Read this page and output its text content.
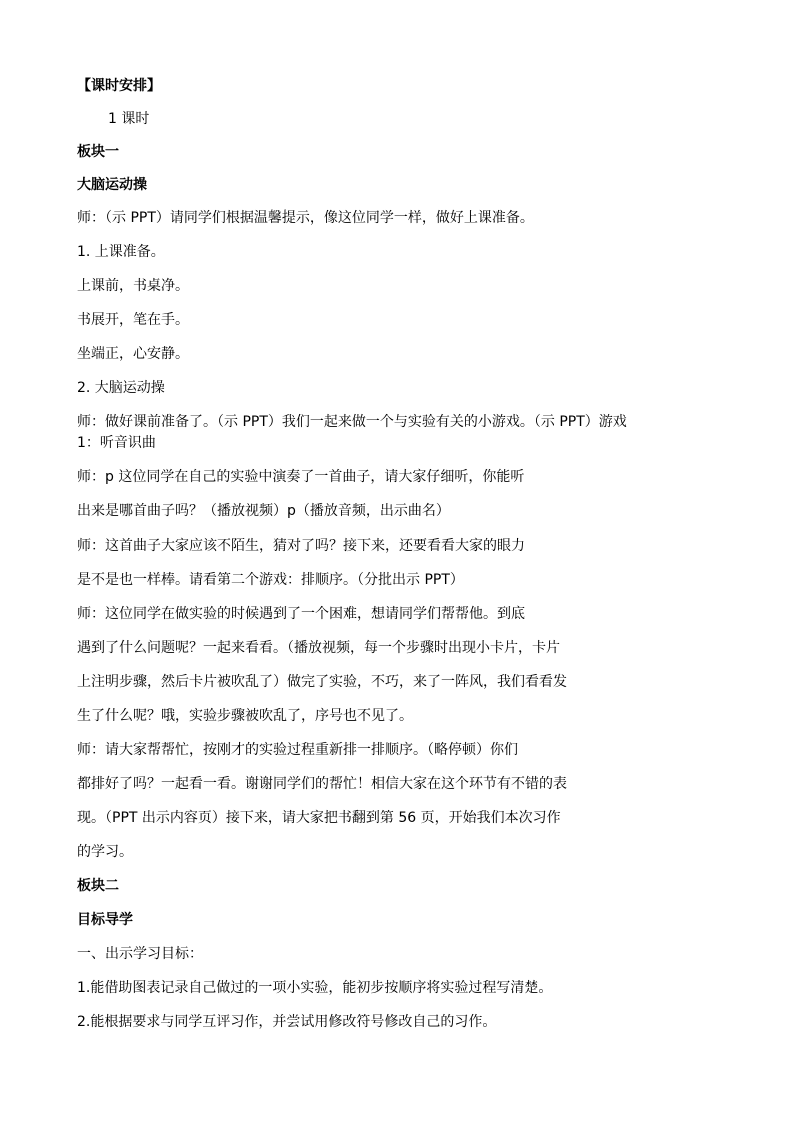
【课时安排】
1 课时
板块一
大脑运动操
师：（示 PPT）请同学们根据温馨提示，像这位同学一样，做好上课准备。
1. 上课准备。
上课前，书桌净。
书展开，笔在手。
坐端正，心安静。
2. 大脑运动操
师：做好课前准备了。（示 PPT）我们一起来做一个与实验有关的小游戏。（示 PPT）游戏
1：听音识曲
师：p 这位同学在自己的实验中演奏了一首曲子，请大家仔细听，你能听
出来是哪首曲子吗？（播放视频）p（播放音频，出示曲名）
师：这首曲子大家应该不陌生，猜对了吗？接下来，还要看看大家的眼力
是不是也一样棒。请看第二个游戏：排顺序。（分批出示 PPT）
师：这位同学在做实验的时候遇到了一个困难，想请同学们帮帮他。到底
遇到了什么问题呢？一起来看看。（播放视频，每一个步骤时出现小卡片，卡片
上注明步骤，然后卡片被吹乱了）做完了实验，不巧，来了一阵风，我们看看发
生了什么呢？哦，实验步骤被吹乱了，序号也不见了。
师：请大家帮帮忙，按刚才的实验过程重新排一排顺序。（略停顿）你们
都排好了吗？一起看一看。谢谢同学们的帮忙！相信大家在这个环节有不错的表
现。（PPT 出示内容页）接下来，请大家把书翻到第 56 页，开始我们本次习作
的学习。
板块二
目标导学
一、出示学习目标：
1.能借助图表记录自己做过的一项小实验，能初步按顺序将实验过程写清楚。
2.能根据要求与同学互评习作，并尝试用修改符号修改自己的习作。
